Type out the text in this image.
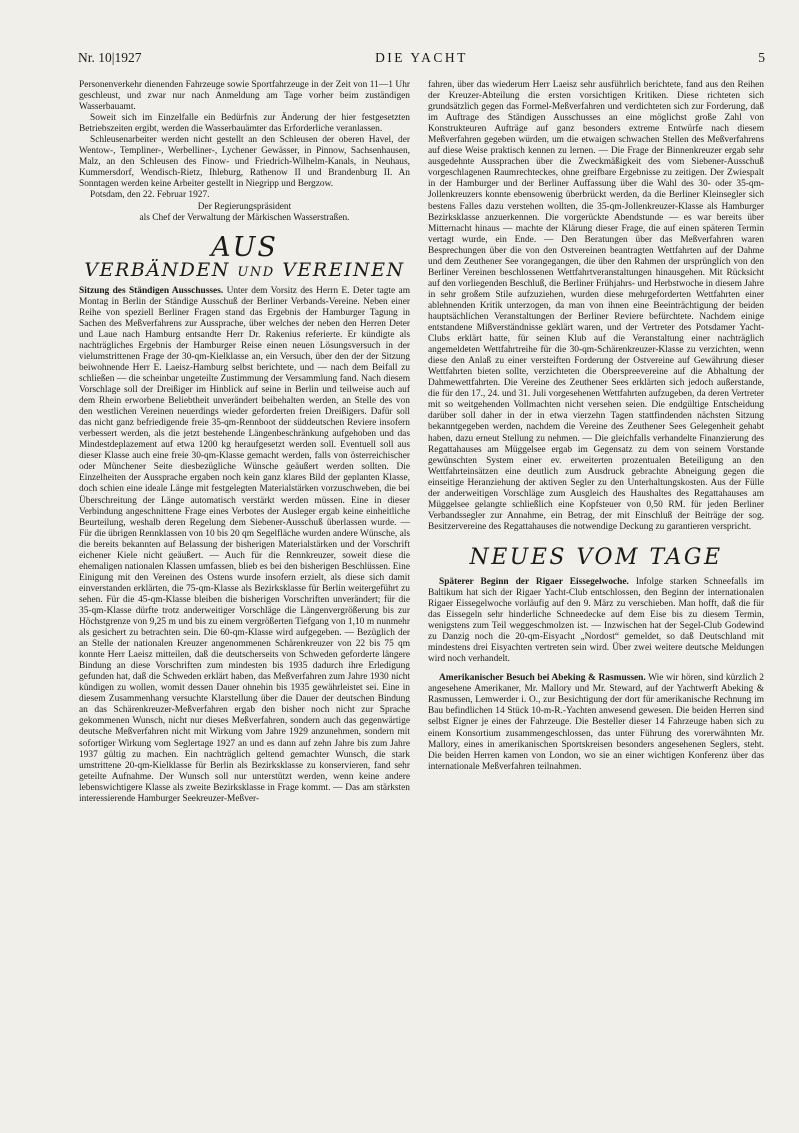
Nr. 10|1927	DIE YACHT	5

Personenverkehr dienenden Fahrzeuge sowie Sportfahrzeuge in der Zeit von 11—1 Uhr geschleust, und zwar nur nach Anmeldung am Tage vorher beim zuständigen Wasserbauamt.

Soweit sich im Einzelfalle ein Bedürfnis zur Änderung der hier festgesetzten Betriebszeiten ergibt, werden die Wasserbauämter das Erforderliche veranlassen.

Schleusenarbeiter werden nicht gestellt an den Schleusen der oberen Havel, der Wentow-, Templiner-, Werbelliner-, Lychener Gewässer, in Pinnow, Sachsenhausen, Malz, an den Schleusen des Finow- und Friedrich-Wilhelm-Kanals, in Neuhaus, Kummersdorf, Wendisch-Rietz, Ihleburg, Rathenow II und Brandenburg II. An Sonntagen werden keine Arbeiter gestellt in Niegripp und Bergzow.

Potsdam, den 22. Februar 1927.

Der Regierungspräsident

als Chef der Verwaltung der Märkischen Wasserstraßen.

AUS
VERBÄNDEN UND VEREINEN

Sitzung des Ständigen Ausschusses. Unter dem Vorsitz des Herrn E. Deter tagte am Montag in Berlin der Ständige Ausschuß der Berliner Verbands-Vereine. Neben einer Reihe von speziell Berliner Fragen stand das Ergebnis der Hamburger Tagung in Sachen des Meßverfahrens zur Aussprache, über welches der neben den Herren Deter und Laue nach Hamburg entsandte Herr Dr. Rakenius referierte. Er kündigte als nachträgliches Ergebnis der Hamburger Reise einen neuen Lösungsversuch in der vielumstrittenen Frage der 30-qm-Kielklasse an, ein Versuch, über den der der Sitzung beiwohnende Herr E. Laeisz-Hamburg selbst berichtete, und — nach dem Beifall zu schließen — die scheinbar ungeteilte Zustimmung der Versammlung fand. Nach diesem Vorschlage soll der Dreißiger im Hinblick auf seine in Berlin und teilweise auch auf dem Rhein erworbene Beliebtheit unverändert beibehalten werden, an Stelle des von den westlichen Vereinen neuerdings wieder geforderten freien Dreißigers. Dafür soll das nicht ganz befriedigende freie 35-qm-Rennboot der süddeutschen Reviere insofern verbessert werden, als die jetzt bestehende Längenbeschränkung aufgehoben und das Mindestdeplazement auf etwa 1200 kg heraufgesetzt werden soll. Eventuell soll aus dieser Klasse auch eine freie 30-qm-Klasse gemacht werden, falls von österreichischer oder Münchener Seite diesbezügliche Wünsche geäußert werden sollten. Die Einzelheiten der Aussprache ergaben noch kein ganz klares Bild der geplanten Klasse, doch schien eine ideale Länge mit festgelegten Materialstärken vorzuschweben, die bei Überschreitung der Länge automatisch verstärkt werden müssen. Eine in dieser Verbindung angeschnittene Frage eines Verbotes der Ausleger ergab keine einheitliche Beurteilung, weshalb deren Regelung dem Siebener-Ausschuß überlassen wurde. — Für die übrigen Rennklassen von 10 bis 20 qm Segelfläche wurden andere Wünsche, als die bereits bekannten auf Belassung der bisherigen Materialstärken und der Vorschrift eichener Kiele nicht geäußert. — Auch für die Rennkreuzer, soweit diese die ehemaligen nationalen Klassen umfassen, blieb es bei den bisherigen Beschlüssen. Eine Einigung mit den Vereinen des Ostens wurde insofern erzielt, als diese sich damit einverstanden erklärten, die 75-qm-Klasse als Bezirksklasse für Berlin weitergeführt zu sehen. Für die 45-qm-Klasse bleiben die bisherigen Vorschriften unverändert; für die 35-qm-Klasse dürfte trotz anderweitiger Vorschläge die Längenvergrößerung bis zur Höchstgrenze von 9,25 m und bis zu einem vergrößerten Tiefgang von 1,10 m nunmehr als gesichert zu betrachten sein. Die 60-qm-Klasse wird aufgegeben. — Bezüglich der an Stelle der nationalen Kreuzer angenommenen Schärenkreuzer von 22 bis 75 qm konnte Herr Laeisz mitteilen, daß die deutscherseits von Schweden geforderte längere Bindung an diese Vorschriften zum mindesten bis 1935 dadurch ihre Erledigung gefunden hat, daß die Schweden erklärt haben, das Meßverfahren zum Jahre 1930 nicht kündigen zu wollen, womit dessen Dauer ohnehin bis 1935 gewährleistet sei. Eine in diesem Zusammenhang versuchte Klarstellung über die Dauer der deutschen Bindung an das Schärenkreuzer-Meßverfahren ergab den bisher noch nicht zur Sprache gekommenen Wunsch, nicht nur dieses Meßverfahren, sondern auch das gegenwärtige deutsche Meßverfahren nicht mit Wirkung vom Jahre 1929 anzunehmen, sondern mit sofortiger Wirkung vom Seglertage 1927 an und es dann auf zehn Jahre bis zum Jahre 1937 gültig zu machen. Ein nachträglich geltend gemachter Wunsch, die stark umstrittene 20-qm-Kielklasse für Berlin als Bezirksklasse zu konservieren, fand sehr geteilte Aufnahme. Der Wunsch soll nur unterstützt werden, wenn keine andere lebenswichtigere Klasse als zweite Bezirksklasse in Frage kommt. — Das am stärksten interessierende Hamburger Seekreuzer-Meßver-

fahren, über das wiederum Herr Laeisz sehr ausführlich berichtete, fand aus den Reihen der Kreuzer-Abteilung die ersten vorsichtigen Kritiken. Diese richteten sich grundsätzlich gegen das Formel-Meßverfahren und verdichteten sich zur Forderung, daß im Auftrage des Ständigen Ausschusses an eine möglichst große Zahl von Konstrukteuren Aufträge auf ganz besonders extreme Entwürfe nach diesem Meßverfahren gegeben würden, um die etwaigen schwachen Stellen des Meßverfahrens auf diese Weise praktisch kennen zu lernen. — Die Frage der Binnenkreuzer ergab sehr ausgedehnte Aussprachen über die Zweckmäßigkeit des vom Siebener-Ausschuß vorgeschlagenen Raumrechteckes, ohne greifbare Ergebnisse zu zeitigen. Der Zwiespalt in der Hamburger und der Berliner Auffassung über die Wahl des 30- oder 35-qm-Jollenkreuzers konnte ebensowenig überbrückt werden, da die Berliner Kleinsegler sich bestens Falles dazu verstehen wollten, die 35-qm-Jollenkreuzer-Klasse als Hamburger Bezirksklasse anzuerkennen. Die vorgerückte Abendstunde — es war bereits über Mitternacht hinaus — machte der Klärung dieser Frage, die auf einen späteren Termin vertagt wurde, ein Ende. — Den Beratungen über das Meßverfahren waren Besprechungen über die von den Ostvereinen beantragten Wettfahrten auf der Dahme und dem Zeuthener See vorangegangen, die über den Rahmen der ursprünglich von den Berliner Vereinen beschlossenen Wettfahrtveranstaltungen hinausgehen. Mit Rücksicht auf den vorliegenden Beschluß, die Berliner Frühjahrs- und Herbstwoche in diesem Jahre in sehr großem Stile aufzuziehen, wurden diese mehrgeforderten Wettfahrten einer ablehnenden Kritik unterzogen, da man von ihnen eine Beeinträchtigung der beiden hauptsächlichen Veranstaltungen der Berliner Reviere befürchtete. Nachdem einige entstandene Mißverständnisse geklärt waren, und der Vertreter des Potsdamer Yacht-Clubs erklärt hatte, für seinen Klub auf die Veranstaltung einer nachträglich angemeldeten Wettfahrtreihe für die 30-qm-Schärenkreuzer-Klasse zu verzichten, wenn diese den Anlaß zu einer versteiften Forderung der Ostvereine auf Gewährung dieser Wettfahrten bieten sollte, verzichteten die Oberspreevereine auf die Abhaltung der Dahmewettfahrten. Die Vereine des Zeuthener Sees erklärten sich jedoch außerstande, die für den 17., 24. und 31. Juli vorgesehenen Wettfahrten aufzugeben, da deren Vertreter mit so weitgehenden Vollmachten nicht versehen seien. Die endgültige Entscheidung darüber soll daher in der in etwa vierzehn Tagen stattfindenden nächsten Sitzung bekanntgegeben werden, nachdem die Vereine des Zeuthener Sees Gelegenheit gehabt haben, dazu erneut Stellung zu nehmen. — Die gleichfalls verhandelte Finanzierung des Regattahauses am Müggelsee ergab im Gegensatz zu dem von seinem Vorstande gewünschten System einer ev. erweiterten prozentualen Beteiligung an den Wettfahrteinsätzen eine deutlich zum Ausdruck gebrachte Abneigung gegen die einseitige Heranziehung der aktiven Segler zu den Unterhaltungskosten. Aus der Fülle der anderweitigen Vorschläge zum Ausgleich des Haushaltes des Regattahauses am Müggelsee gelangte schließlich eine Kopfsteuer von 0,50 RM. für jeden Berliner Verbandssegler zur Annahme, ein Betrag, der mit Einschluß der Beiträge der sog. Besitzervereine des Regattahauses die notwendige Deckung zu garantieren verspricht.

NEUES VOM TAGE

Späterer Beginn der Rigaer Eissegelwoche. Infolge starken Schneefalls im Baltikum hat sich der Rigaer Yacht-Club entschlossen, den Beginn der internationalen Rigaer Eissegelwoche vorläufig auf den 9. März zu verschieben. Man hofft, daß die für das Eissegeln sehr hinderliche Schneedecke auf dem Eise bis zu diesem Termin, wenigstens zum Teil weggeschmolzen ist. — Inzwischen hat der Segel-Club Godewind zu Danzig noch die 20-qm-Eisyacht „Nordost“ gemeldet, so daß Deutschland mit mindestens drei Eisyachten vertreten sein wird. Über zwei weitere deutsche Meldungen wird noch verhandelt.

Amerikanischer Besuch bei Abeking & Rasmussen. Wie wir hören, sind kürzlich 2 angesehene Amerikaner, Mr. Mallory und Mr. Steward, auf der Yachtwerft Abeking & Rasmussen, Lemwerder i. O., zur Besichtigung der dort für amerikanische Rechnung im Bau befindlichen 14 Stück 10-m-R.-Yachten anwesend gewesen. Die beiden Herren sind selbst Eigner je eines der Fahrzeuge. Die Besteller dieser 14 Fahrzeuge haben sich zu einem Konsortium zusammengeschlossen, das unter Führung des vorerwähnten Mr. Mallory, eines in amerikanischen Sportskreisen besonders angesehenen Seglers, steht. Die beiden Herren kamen von London, wo sie an einer wichtigen Konferenz über das internationale Meßverfahren teilnahmen.
